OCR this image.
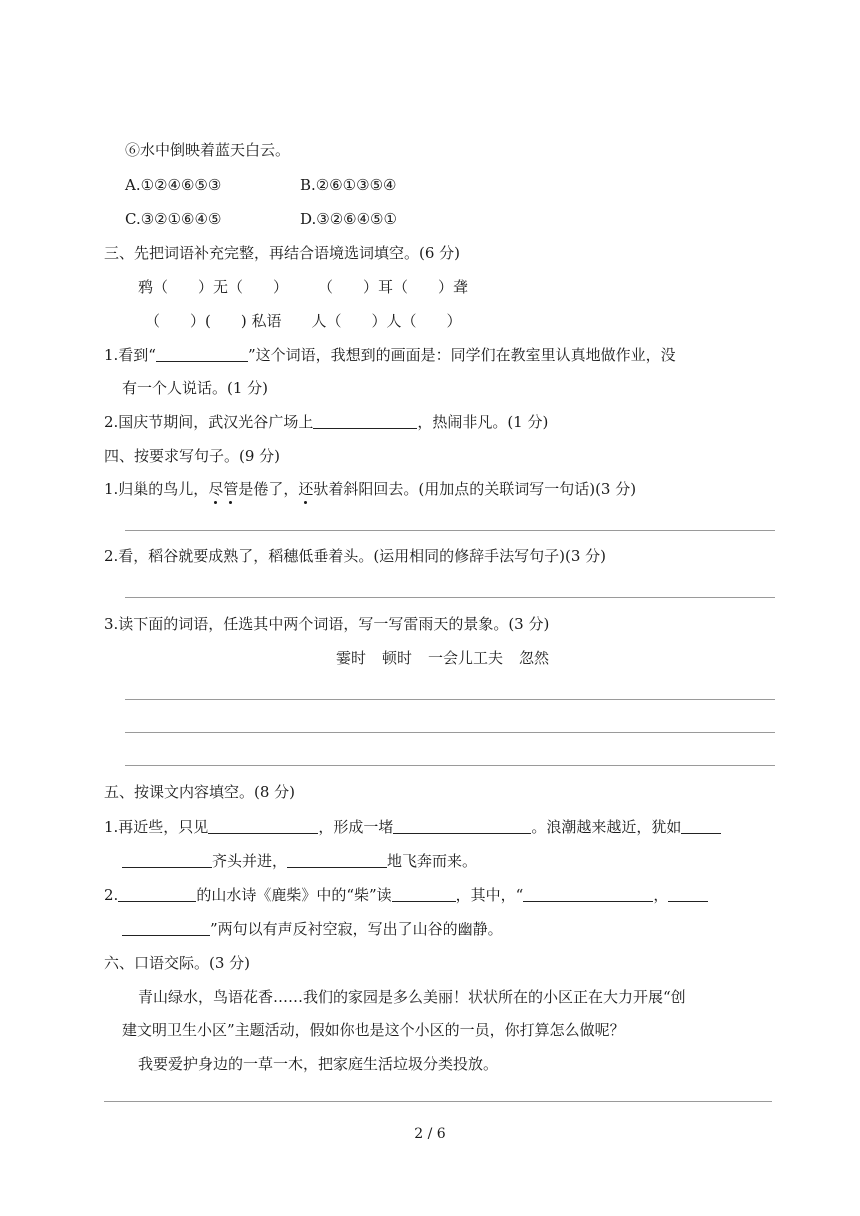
⑥水中倒映着蓝天白云。
A.①②④⑥⑤③	B.②⑥①③⑤④
C.③②①⑥④⑤	D.③②⑥④⑤①
三、先把词语补充完整，再结合语境选词填空。(6 分)
鸦（　　）无（　　）　　　（　　）耳（　　）聋
（　　）(　　) 私语　　人（　　）人（　　）
1.看到“	”这个词语，我想到的画面是：同学们在教室里认真地做作业，没
有一个人说话。(1 分)
2.国庆节期间，武汉光谷广场上	，热闹非凡。(1 分)
四、按要求写句子。(9 分)
1.归巢的鸟儿，尽管是倦了，还驮着斜阳回去。(用加点的关联词写一句话)(3 分)
2.看，稻谷就要成熟了，稻穗低垂着头。(运用相同的修辞手法写句子)(3 分)
3.读下面的词语，任选其中两个词语，写一写雷雨天的景象。(3 分)
霎时 顿时 一会儿工夫 忽然
五、按课文内容填空。(8 分)
1.再近些，只见	，形成一堵	。浪潮越来越近，犹如
齐头并进，	地飞奔而来。
2.	的山水诗《鹿柴》中的“柴”读	，其中，“	，
”两句以有声反衬空寂，写出了山谷的幽静。
六、口语交际。(3 分)
青山绿水，鸟语花香……我们的家园是多么美丽！状状所在的小区正在大力开展“创
建文明卫生小区”主题活动，假如你也是这个小区的一员，你打算怎么做呢？
我要爱护身边的一草一木，把家庭生活垃圾分类投放。
2 / 6
